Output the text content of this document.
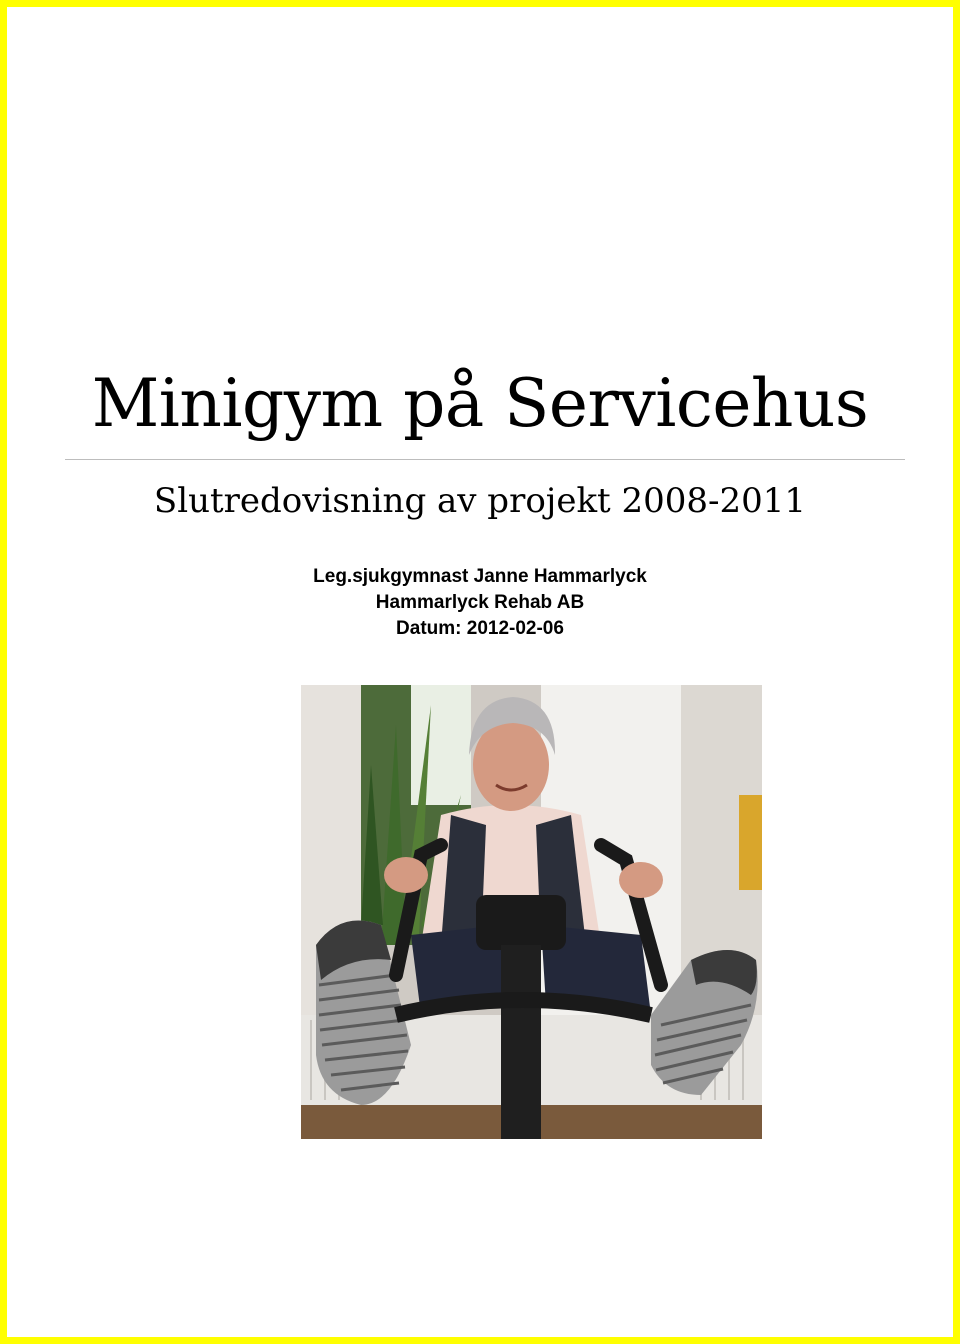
Minigym på Servicehus
Slutredovisning av projekt 2008-2011
Leg.sjukgymnast Janne Hammarlyck
Hammarlyck Rehab AB
Datum: 2012-02-06
